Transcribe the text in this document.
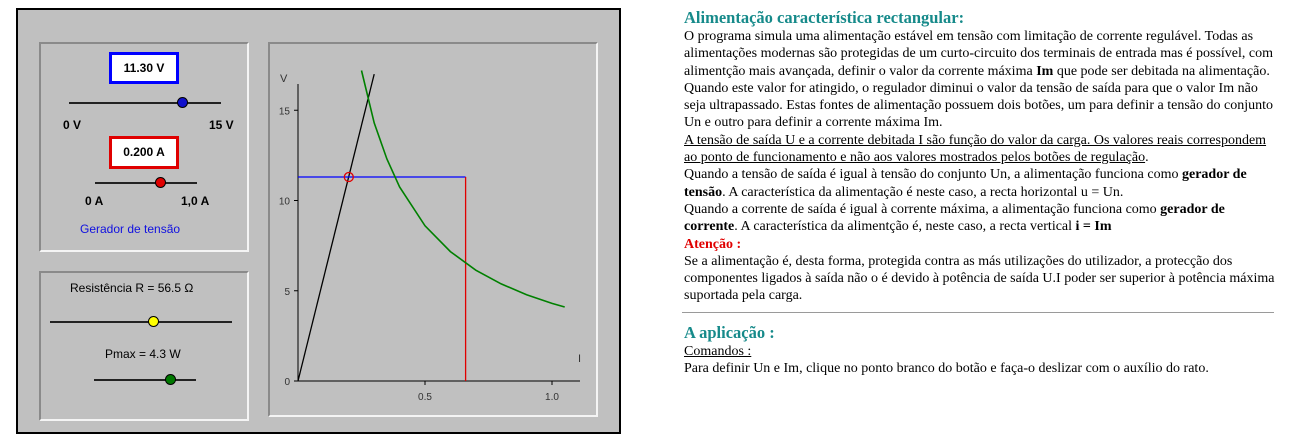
11.30 V
0 V	15 V
0.200 A
0 A	1,0 A
Gerador de tensão
Resistência R = 56.5 Ω
Pmax = 4.3 W
15
10
5
0
0.5	1.0
V
I
Alimentação característica rectangular:

O programa simula uma alimentação estável em tensão com limitação de corrente regulável. Todas as alimentações modernas são protegidas de um curto-circuito dos terminais de entrada mas é possível, com alimentção mais avançada, definir o valor da corrente máxima Im que pode ser debitada na alimentação. Quando este valor for atingido, o regulador diminui o valor da tensão de saída para que o valor Im não seja ultrapassado. Estas fontes de alimentação possuem dois botões, um para definir a tensão do conjunto Un e outro para definir a corrente máxima Im.

A tensão de saída U e a corrente debitada I são função do valor da carga. Os valores reais correspondem ao ponto de funcionamento e não aos valores mostrados pelos botões de regulação.

Quando a tensão de saída é igual à tensão do conjunto Un, a alimentação funciona como gerador de tensão. A característica da alimentação é neste caso, a recta horizontal u = Un.

Quando a corrente de saída é igual à corrente máxima, a alimentação funciona como gerador de corrente. A característica da alimentção é, neste caso, a recta vertical i = Im

Atenção :

Se a alimentação é, desta forma, protegida contra as más utilizações do utilizador, a protecção dos componentes ligados à saída não o é devido à potência de saída U.I poder ser superior à potência máxima suportada pela carga.

A aplicação :

Comandos :

Para definir Un e Im, clique no ponto branco do botão e faça-o deslizar com o auxílio do rato.
